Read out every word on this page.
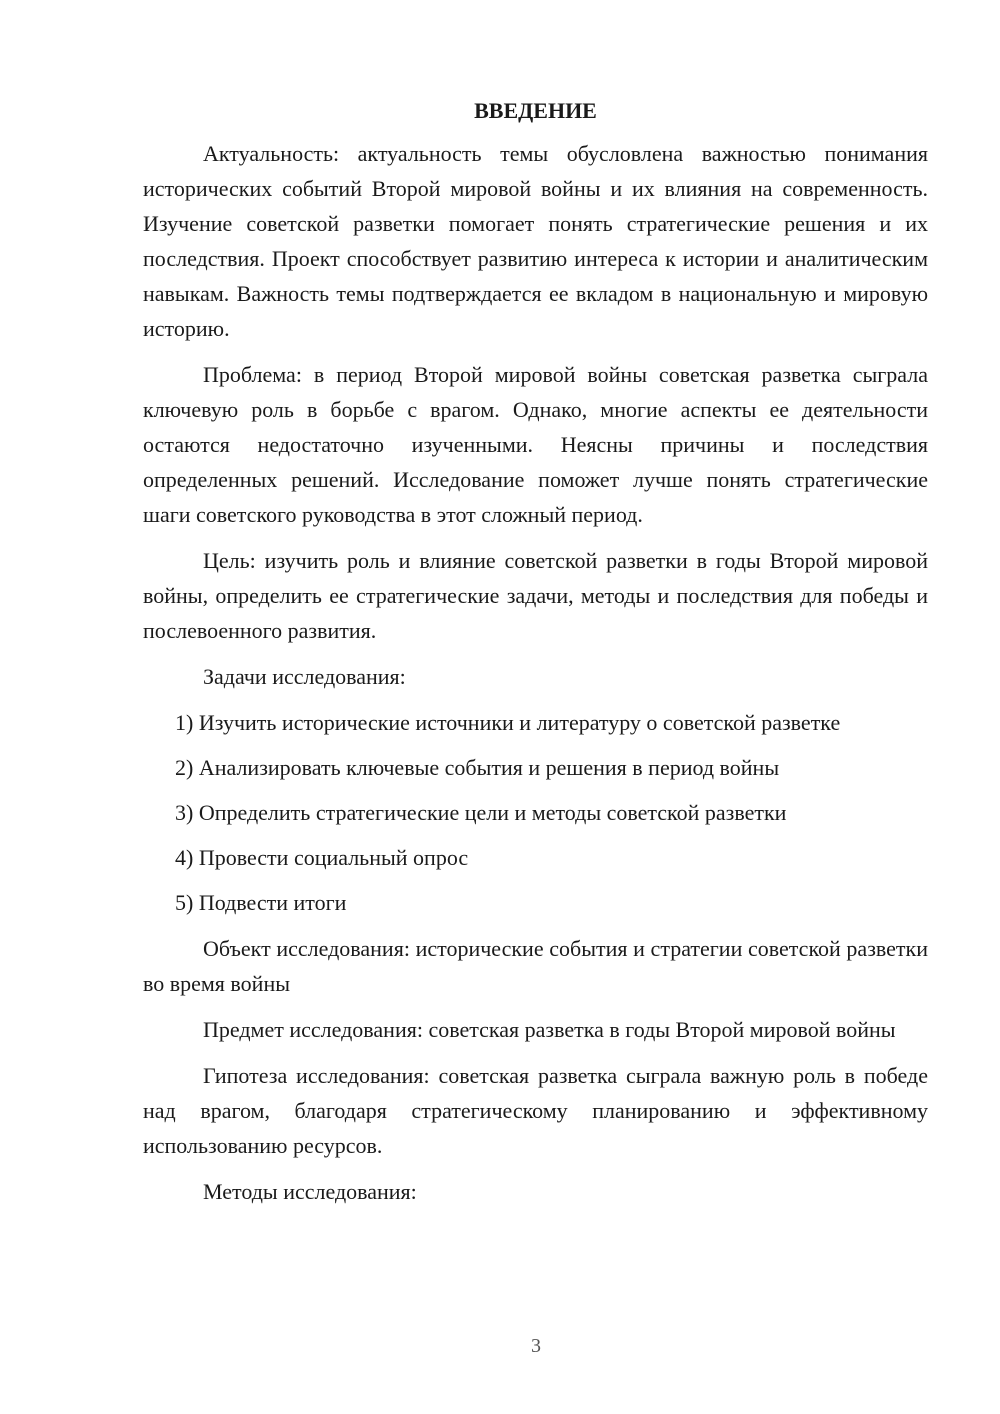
ВВЕДЕНИЕ

Актуальность: актуальность темы обусловлена важностью понимания исторических событий Второй мировой войны и их влияния на современность. Изучение советской разветки помогает понять стратегические решения и их последствия. Проект способствует развитию интереса к истории и аналитическим навыкам. Важность темы подтверждается ее вкладом в национальную и мировую историю.

Проблема: в период Второй мировой войны советская разветка сыграла ключевую роль в борьбе с врагом. Однако, многие аспекты ее деятельности остаются недостаточно изученными. Неясны причины и последствия определенных решений. Исследование поможет лучше понять стратегические шаги советского руководства в этот сложный период.

Цель: изучить роль и влияние советской разветки в годы Второй мировой войны, определить ее стратегические задачи, методы и последствия для победы и послевоенного развития.

Задачи исследования:

1) Изучить исторические источники и литературу о советской разветке
2) Анализировать ключевые события и решения в период войны
3) Определить стратегические цели и методы советской разветки
4) Провести социальный опрос
5) Подвести итоги

Объект исследования: исторические события и стратегии советской разветки во время войны

Предмет исследования: советская разветка в годы Второй мировой войны

Гипотеза исследования: советская разветка сыграла важную роль в победе над врагом, благодаря стратегическому планированию и эффективному использованию ресурсов.

Методы исследования:

3
